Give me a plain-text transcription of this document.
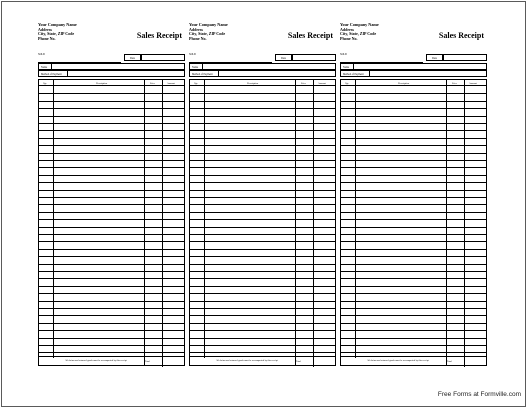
Your Company Name
Address
City, State, ZIP Code
Phone No.	Sales Receipt
SOLD
Date
Name
Method of Payment
Qty	Description	Price	Amount
All claims and returned goods must be accompanied by this receipt	Total
Your Company Name
Address
City, State, ZIP Code
Phone No.	Sales Receipt
SOLD
Date
Name
Method of Payment
Qty	Description	Price	Amount
All claims and returned goods must be accompanied by this receipt	Total
Your Company Name
Address
City, State, ZIP Code
Phone No.	Sales Receipt
SOLD
Date
Name
Method of Payment
Qty	Description	Price	Amount
All claims and returned goods must be accompanied by this receipt	Total
Free Forms at Formville.com
